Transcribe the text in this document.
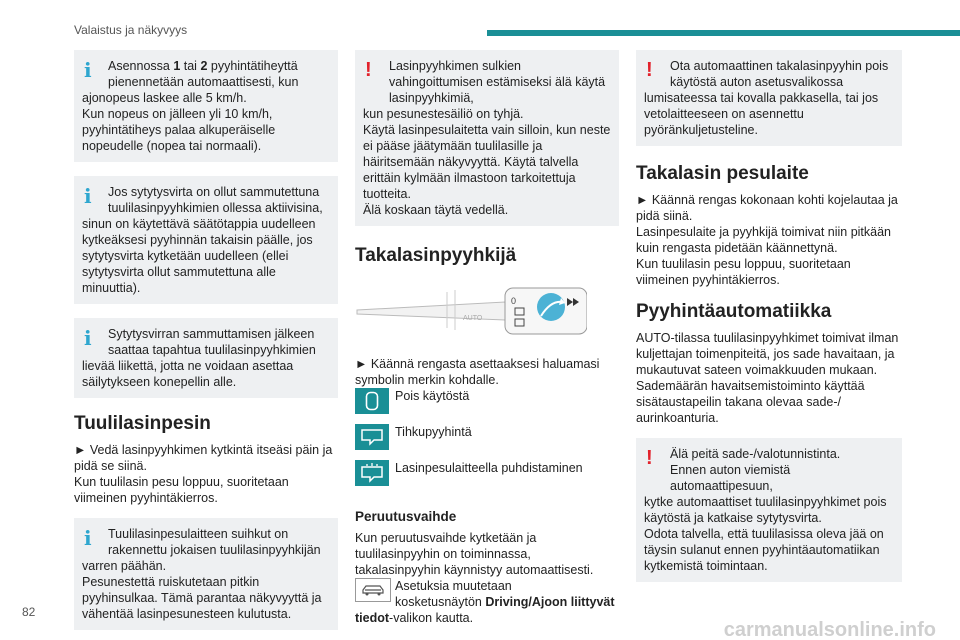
Valaistus ja näkyvyys
i	Asennossa 1 tai 2 pyyhintätiheyttä pienennetään automaattisesti, kun
ajonopeus laskee alle 5 km/h.
Kun nopeus on jälleen yli 10 km/h, pyyhintätiheys palaa alkuperäiselle nopeudelle (nopea tai normaali).
i	Jos sytytysvirta on ollut sammutettuna tuulilasinpyyhkimien ollessa aktiivisina,
sinun on käytettävä säätötappia uudelleen kytkeäksesi pyyhinnän takaisin päälle, jos sytytysvirta kytketään uudelleen (ellei sytytysvirta ollut sammutettuna alle minuuttia).
i	Sytytysvirran sammuttamisen jälkeen saattaa tapahtua tuulilasinpyyhkimien
lievää liikettä, jotta ne voidaan asettaa säilytykseen konepellin alle.
Tuulilasinpesin

► Vedä lasinpyyhkimen kytkintä itseäsi päin ja pidä se siinä.
Kun tuulilasin pesu loppuu, suoritetaan viimeinen pyyhintäkierros.

i	Tuulilasinpesulaitteen suihkut on rakennettu jokaisen tuulilasinpyyhkijän
varren päähän.
Pesunestettä ruiskutetaan pitkin pyyhinsulkaa. Tämä parantaa näkyvyyttä ja vähentää lasinpesunesteen kulutusta.
!	Lasinpyyhkimen sulkien vahingoittumisen estämiseksi älä käytä lasinpyyhkimiä,
kun pesunestesäiliö on tyhjä.
Käytä lasinpesulaitetta vain silloin, kun neste ei pääse jäätymään tuulilasille ja häiritsemään näkyvyyttä. Käytä talvella erittäin kylmään ilmastoon tarkoitettuja tuotteita.
Älä koskaan täytä vedellä.
Takalasinpyyhkijä
AUTO
0

► Käännä rengasta asettaaksesi haluamasi symbolin merkin kohdalle.

Pois käytöstä
Tihkupyyhintä
Lasinpesulaitteella puhdistaminen
Peruutusvaihde

Kun peruutusvaihde kytketään ja tuulilasinpyyhin on toiminnassa, takalasinpyyhin käynnistyy automaattisesti.

Asetuksia muutetaan

kosketusnäytön Driving/Ajoon liittyvät tiedot-valikon kautta.

!	Ota automaattinen takalasinpyyhin pois käytöstä auton asetusvalikossa
lumisateessa tai kovalla pakkasella, tai jos vetolaitteeseen on asennettu pyöränkuljetusteline.
Takalasin pesulaite

► Käännä rengas kokonaan kohti kojelautaa ja pidä siinä.
Lasinpesulaite ja pyyhkijä toimivat niin pitkään kuin rengasta pidetään käännettynä.
Kun tuulilasin pesu loppuu, suoritetaan viimeinen pyyhintäkierros.

Pyyhintäautomatiikka

AUTO-tilassa tuulilasinpyyhkimet toimivat ilman kuljettajan toimenpiteitä, jos sade havaitaan, ja mukautuvat sateen voimakkuuden mukaan.
Sademäärän havaitsemistoiminto käyttää sisätaustapeilin takana olevaa sade-/ aurinkoanturia.

!	Älä peitä sade-/valotunnistinta.
Ennen auton viemistä automaattipesuun,
kytke automaattiset tuulilasinpyyhkimet pois käytöstä ja katkaise sytytysvirta.
Odota talvella, että tuulilasissa oleva jää on täysin sulanut ennen pyyhintäautomatiikan kytkemistä toimintaan.
82
carmanualsonline.info
